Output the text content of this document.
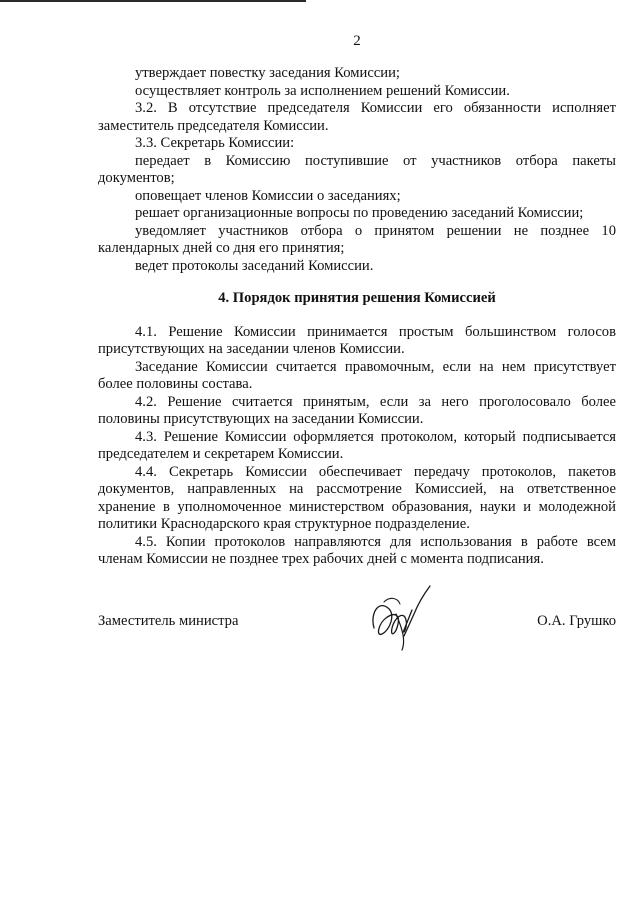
2

утверждает повестку заседания Комиссии;

осуществляет контроль за исполнением решений Комиссии.

3.2. В отсутствие председателя Комиссии его обязанности исполняет заместитель председателя Комиссии.

3.3. Секретарь Комиссии:

передает в Комиссию поступившие от участников отбора пакеты документов;

оповещает членов Комиссии о заседаниях;

решает организационные вопросы по проведению заседаний Комиссии;

уведомляет участников отбора о принятом решении не позднее 10 календарных дней со дня его принятия;

ведет протоколы заседаний Комиссии.

4. Порядок принятия решения Комиссией

4.1. Решение Комиссии принимается простым большинством голосов присутствующих на заседании членов Комиссии.

Заседание Комиссии считается правомочным, если на нем присутствует более половины состава.

4.2. Решение считается принятым, если за него проголосовало более половины присутствующих на заседании Комиссии.

4.3. Решение Комиссии оформляется протоколом, который подписывается председателем и секретарем Комиссии.

4.4. Секретарь Комиссии обеспечивает передачу протоколов, пакетов документов, направленных на рассмотрение Комиссией, на ответственное хранение в уполномоченное министерством образования, науки и молодежной политики Краснодарского края структурное подразделение.

4.5. Копии протоколов направляются для использования в работе всем членам Комиссии не позднее трех рабочих дней с момента подписания.

Заместитель министра	О.А. Грушко
